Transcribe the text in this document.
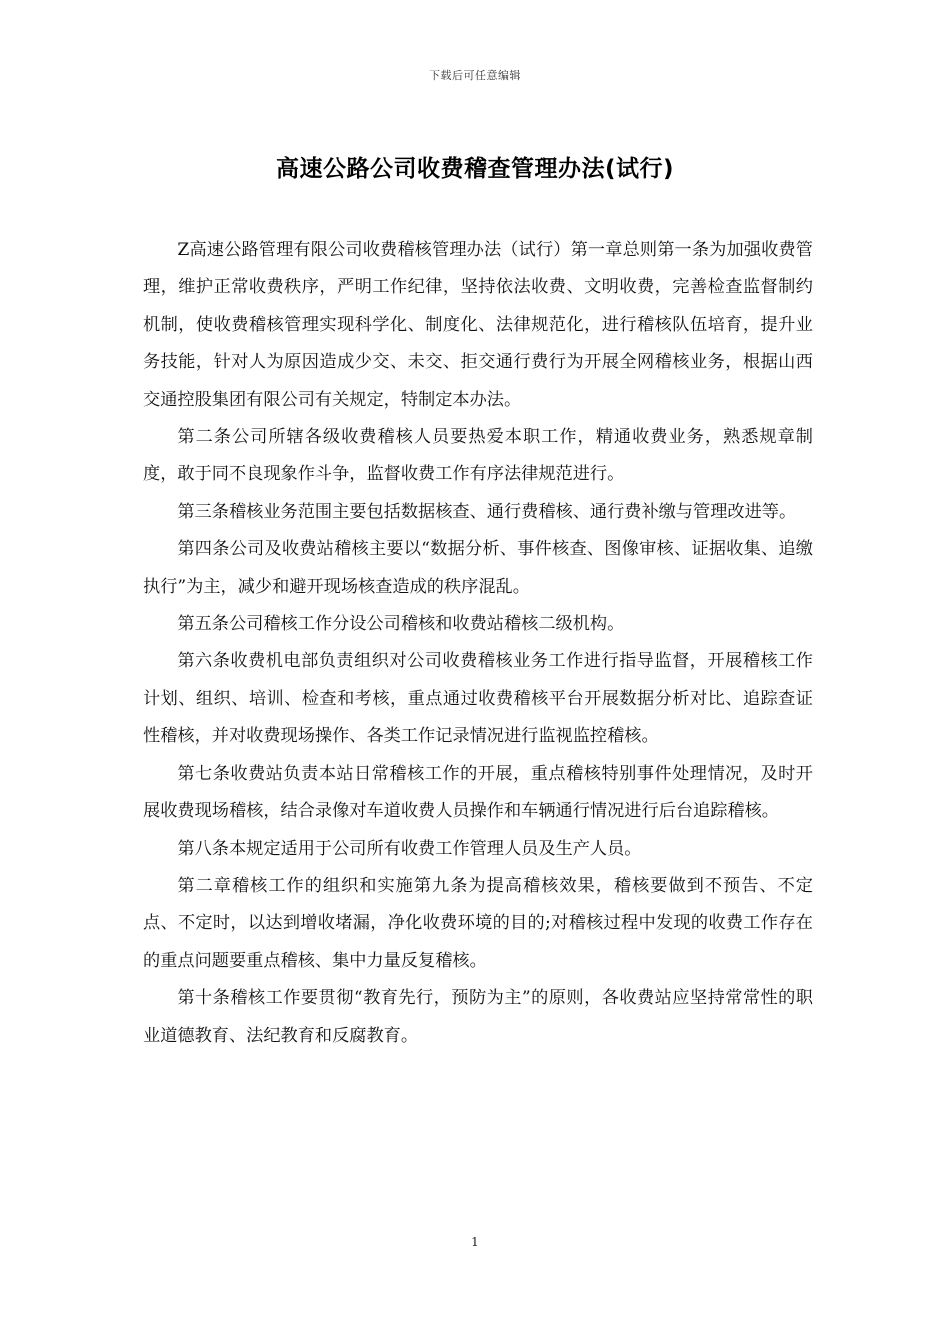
下载后可任意编辑
高速公路公司收费稽查管理办法(试行)

Z高速公路管理有限公司收费稽核管理办法（试行）第一章总则第一条为加强收费管理，维护正常收费秩序，严明工作纪律，坚持依法收费、文明收费，完善检查监督制约机制，使收费稽核管理实现科学化、制度化、法律规范化，进行稽核队伍培育，提升业务技能，针对人为原因造成少交、未交、拒交通行费行为开展全网稽核业务，根据山西交通控股集团有限公司有关规定，特制定本办法。

第二条公司所辖各级收费稽核人员要热爱本职工作，精通收费业务，熟悉规章制度，敢于同不良现象作斗争，监督收费工作有序法律规范进行。

第三条稽核业务范围主要包括数据核查、通行费稽核、通行费补缴与管理改进等。

第四条公司及收费站稽核主要以“数据分析、事件核查、图像审核、证据收集、追缴执行”为主，减少和避开现场核查造成的秩序混乱。

第五条公司稽核工作分设公司稽核和收费站稽核二级机构。

第六条收费机电部负责组织对公司收费稽核业务工作进行指导监督，开展稽核工作计划、组织、培训、检查和考核，重点通过收费稽核平台开展数据分析对比、追踪查证性稽核，并对收费现场操作、各类工作记录情况进行监视监控稽核。

第七条收费站负责本站日常稽核工作的开展，重点稽核特别事件处理情况，及时开展收费现场稽核，结合录像对车道收费人员操作和车辆通行情况进行后台追踪稽核。

第八条本规定适用于公司所有收费工作管理人员及生产人员。

第二章稽核工作的组织和实施第九条为提高稽核效果，稽核要做到不预告、不定点、不定时，以达到增收堵漏，净化收费环境的目的;对稽核过程中发现的收费工作存在的重点问题要重点稽核、集中力量反复稽核。

第十条稽核工作要贯彻“教育先行，预防为主”的原则，各收费站应坚持常常性的职业道德教育、法纪教育和反腐教育。

1
